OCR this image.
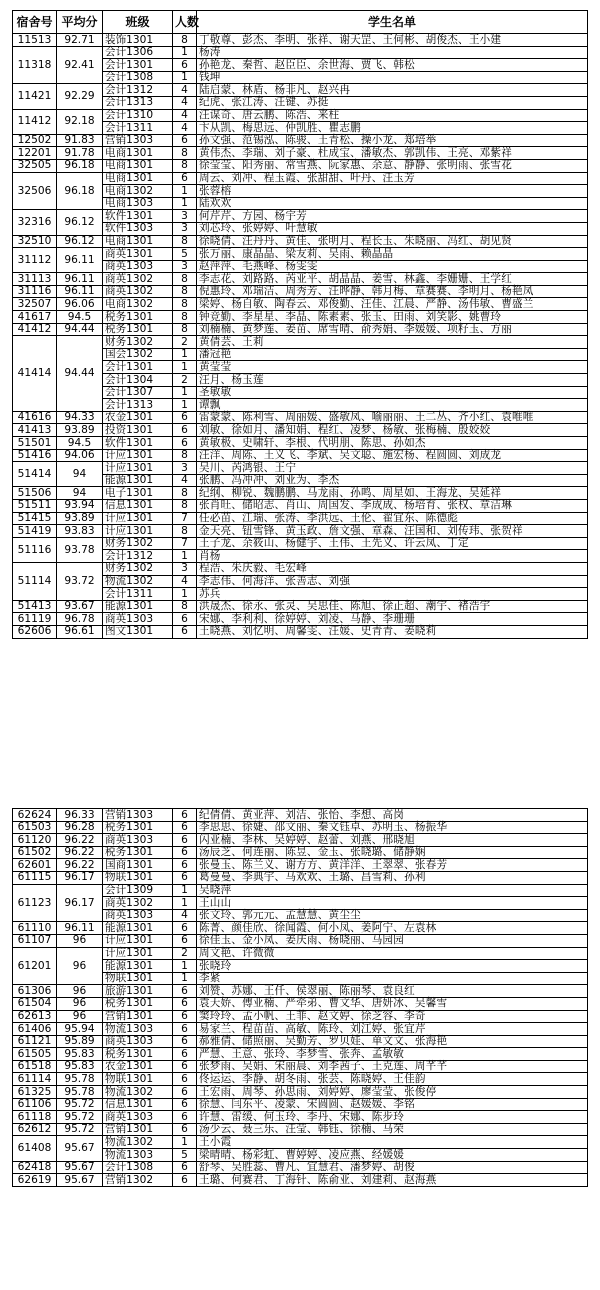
宿舍号	平均分	班级	人数	学生名单
11513	92.71	装饰1301	8	丁敬尊、彭杰、李明、张祥、谢天罡、王何彬、胡俊杰、王小建
11318	92.41	会计1306	1	杨涛
		会计1301	6	孙艳龙、秦哲、赵臣臣、余世海、贾飞、韩松
		会计1308	1	钱坤
11421	92.29	会计1312	4	陆启蒙、林盾、杨非凡、赵兴冉
		会计1313	4	纪虎、张江涛、汪键、苏挺
11412	92.18	会计1310	4	汪谋奇、唐云鹏、陈浩、来柱
		会计1311	4	卞从凯、梅思远、仲凯胜、瞿志鹏
12502	91.83	营销1303	6	孙文强、范锡泓、陈骏、王青松、操小龙、郑培举
12201	91.78	电商1301	8	黄伟杰、李瑞、刘子豪、杜成宝、潘敏杰、郭凯伟、王亮、邓紫祥
32505	96.18	电商1301	8	徐莹莹、阳秀丽、常雪燕、阮家惠、余意、静静、张明雨、张雪花
32506	96.18	电商1301	6	周云、刘冲、程玉霞、张甜甜、叶丹、汪玉芳
		电商1302	1	张蓉榕
		电商1303	1	陆欢欢
32316	96.12	软件1301	3	何芹芹、方园、杨宇芳
		软件1303	3	刘芯玲、张婷婷、叶慧敏
32510	96.12	电商1301	8	徐晓倩、汪丹丹、黄佳、张明月、程长玉、朱晓丽、冯红、胡见贤
31112	96.11	商英1301	5	张万丽、康晶晶、梁友莉、吴雨、赖晶晶
		商英1303	3	赵萍萍、毛燕峰、杨雯雯
31113	96.11	商英1302	8	李志花、刘路路、芮亚平、胡晶晶、姜雪、林鑫、李姗姗、王学红
31116	96.11	商英1302	8	倪惠玲、邓瑞洁、周秀芳、汪晔静、韩月梅、章赛赛、李明月、杨艳凤
32507	96.06	电商1302	8	梁婷、杨自敏、陶春云、邓俊勤、汪佳、江晨、严静、汤伟敏、曹盛兰
41617	94.5	税务1301	8	钟竞勤、李星星、李晶、陈素素、张玉、田雨、刘笑影、姚曹玲
41412	94.44	税务1301	8	刘楠楠、黄梦莲、姜苗、席雪晴、俞秀娟、李媛媛、项籽玉、方丽
41414	94.44	财务1302	2	黄倩芸、王莉
		国会1302	1	潘冠艳
		会计1301	1	黄莹莹
		会计1304	2	汪月、杨玉莲
		会计1307	1	圣敏敏
		会计1313	1	谭飘
41616	94.33	农金1301	6	雷蒙蒙、陈利雪、周丽媛、盛敏凤、喻丽丽、王二丛、齐小红、袁唯唯
41413	93.89	投资1301	6	刘敏、徐如月、潘知娟、程红、凌梦、杨敏、张梅楠、殷姣姣
51501	94.5	软件1301	6	黄敏极、史啸轩、李根、代明朋、陈思、孙如杰
51416	94.06	计应1301	8	汪洋、周陈、王义飞、李斌、吴文聪、施宏杨、程圆圆、刘成龙
51414	94	计应1301	3	吴川、芮鸿银、王宁
		能源1301	4	张鹏、冯冲冲、刘亚为、李杰
51506	94	电子1301	8	纪纲、柳锐、魏鹏鹏、马龙雨、孙鸣、周星如、王海龙、吴延祥
51511	93.94	信息1301	8	张肖旺、储昭志、肖山、周国发、李成成、杨培育、张权、章洁琳
51415	93.89	计应1301	7	任必苗、江瑞、张涛、李洪远、王伦、翟宜东、陈德彪
51419	93.83	计应1301	8	金天亮、钮雪锋、黄玉政、詹文强、章森、汪国和、刘传玮、张贺祥
51116	93.78	财务1302	7	王子龙、余筱山、杨健宇、王伟、王先义、许云凤、丁定
		会计1312	1	肖杨
51114	93.72	财务1302	3	程浩、朱庆毅、毛宏峰
		物流1302	4	李志伟、何海洋、张善志、刘强
		会计1311	1	苏兵
51413	93.67	能源1301	8	洪晟杰、徐永、张灵、吴思佳、陈旭、徐正超、潮宇、褚浩宇
61119	96.78	商英1303	6	宋娜、李利利、徐婷婷、刘凌、马静、李珊珊
62606	96.61	图文1301	6	王晓燕、刘忆明、周馨雯、汪媛、史青青、姜晓莉
62624	96.33	营销1303	6	纪倩倩、黄亚萍、刘洁、张怡、李想、高岗
61503	96.28	税务1301	6	李思思、徐婕、邵文丽、秦文钰卓、苏明玉、杨振华
61120	96.22	商英1303	6	闪亚楠、李林、吴婷婷、赵蕾、刘燕、邢晓旭
61502	96.22	税务1301	6	汤辰芝、何连丽、陈昱、金玉、张晓璐、储静娴
62601	96.22	国商1301	6	张曼玉、陈兰义、谢方方、黄洋洋、王翠翠、张春芳
61115	96.17	物联1301	6	葛曼曼、李典宇、马欢欢、王璐、昌雪莉、孙利
61123	96.17	会计1309	1	吴晓萍
		商英1302	1	王山山
		商英1303	4	张文玲、郭元元、孟慧慧、黄尘尘
61110	96.11	能源1301	6	陈菁、颜佳欣、徐闻霞、何小凤、姜阿宁、左袁林
61107	96	计应1301	6	徐佳玉、金小凤、姜庆雨、杨晓丽、马园园
61201	96	计应1301	2	周文艳、许微微
		能源1301	1	张晓玲
		物联1301	1	李紧
61306	96	旅游1301	6	刘赞、苏娜、王仟、侯翠丽、陈丽琴、袁良红
61504	96	税务1301	6	袁天娇、傅亚楠、严牵弟、曹文华、唐妍冰、吴馨雪
62613	96	营销1301	6	窦玲玲、孟小帆、王菲、赵文婷、徐芝容、李奇
61406	95.94	物流1303	6	易家兰、程苗苗、高敏、陈玲、刘江婷、张宜芹
61121	95.89	商英1303	6	郝雅倩、储照丽、吴勤芳、罗贝娃、单文文、张海艳
61505	95.83	税务1301	6	严慧、王意、张玲、李梦雪、张奔、孟敏敏
61518	95.83	农金1301	6	张梦雨、吴娟、宋丽晨、刘李茜子、王克莲、周芊芊
61114	95.78	物联1301	6	佟运运、李静、胡冬雨、张芸、陈晓婷、王佳韵
61325	95.78	物流1302	6	王宏雨、周琴、孙思雨、刘婷婷、廖莹莹、张俊停
61106	95.72	信息1301	6	徐慧、闫东平、凌蒙、宋圆圆、赵媛媛、李铭
61118	95.72	商英1303	6	许慧、雷缓、何玉玲、李丹、宋娜、陈步玲
62612	95.72	营销1301	6	汤少云、聂三乐、汪莹、韩钰、徐楠、马荣
61408	95.67	物流1302	1	王小霞
		物流1303	5	梁晴晴、杨彩虹、曹婷婷、凌应燕、经媛媛
62418	95.67	会计1308	6	舒琴、吴胜蕊、曹凡、宜慧君、潘梦婷、胡俊
62619	95.67	营销1302	6	王璐、何赛君、丁海针、陈俞亚、刘建莉、赵海燕
